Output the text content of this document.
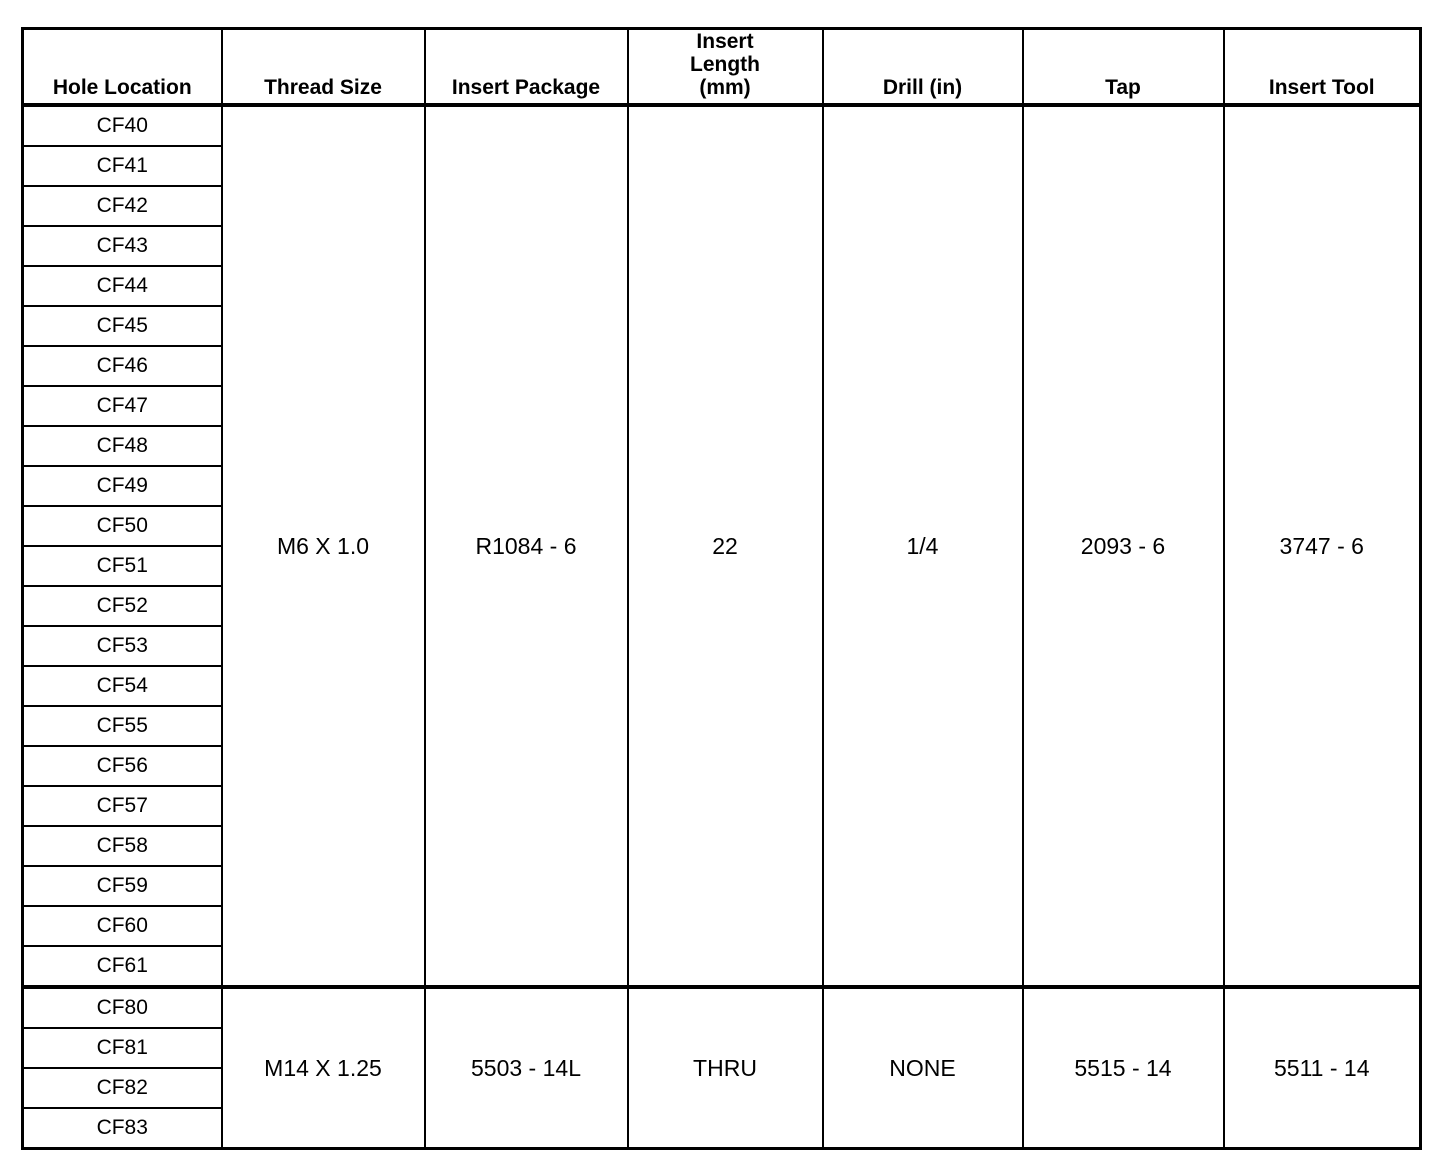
Hole Location	Thread Size	Insert Package	Insert Length (mm)	Drill (in)	Tap	Insert Tool
CF40	M6 X 1.0	R1084 - 6	22	1/4	2093 - 6	3747 - 6
CF41						
CF42						
CF43						
CF44						
CF45						
CF46						
CF47						
CF48						
CF49						
CF50						
CF51						
CF52						
CF53						
CF54						
CF55						
CF56						
CF57						
CF58						
CF59						
CF60						
CF61						
CF80	M14 X 1.25	5503 - 14L	THRU	NONE	5515 - 14	5511 - 14
CF81						
CF82						
CF83						
